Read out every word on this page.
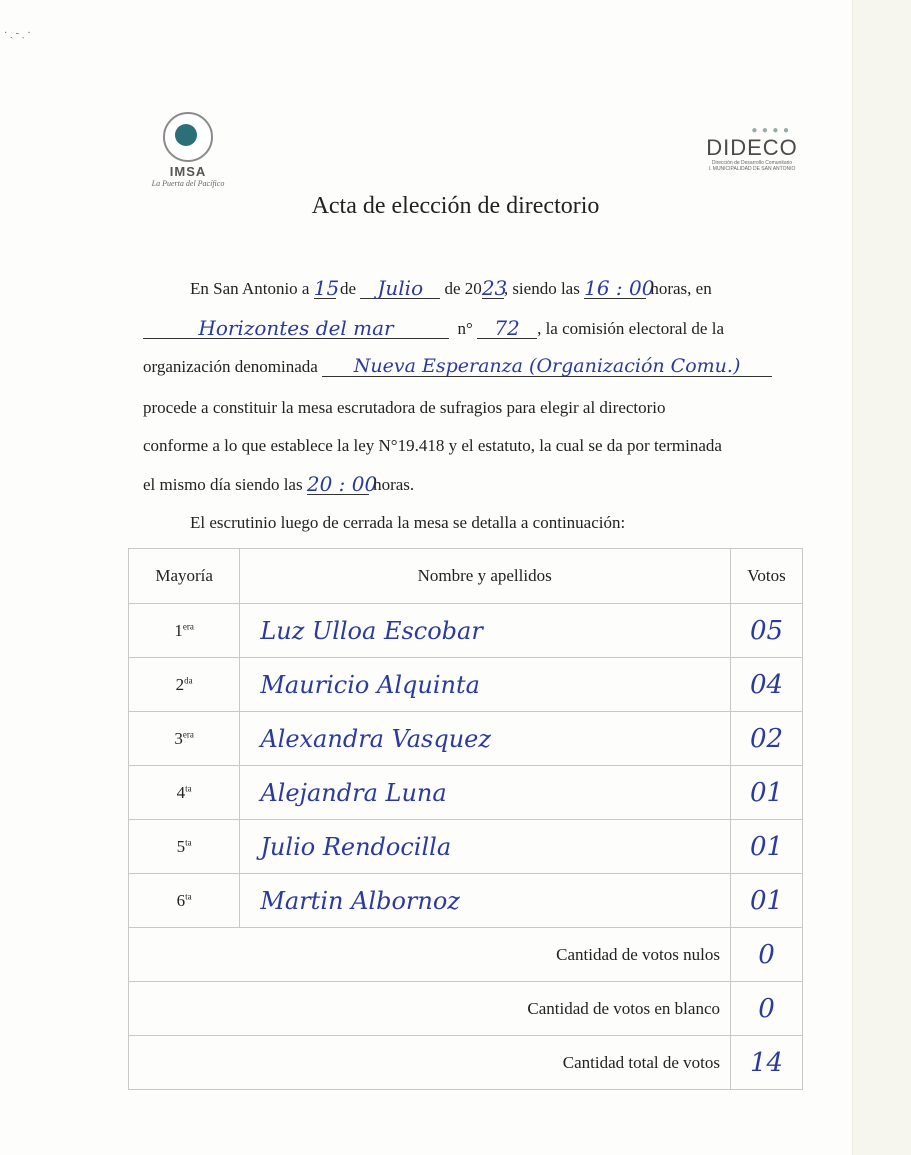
· ˏ ‐ ˎ ·
IMSA
La Puerta del Pacífico
● ● ● ●
DIDECO
Dirección de Desarrollo Comunitario
I. MUNICIPALIDAD DE SAN ANTONIO
Acta de elección de directorio
En San Antonio a 15 de Julio de 2023, siendo las 16 : 00 horas, en
Horizontes del mar	n° 72 , la comisión electoral de la
organización denominada Nueva Esperanza (Organización Comu.)
procede a constituir la mesa escrutadora de sufragios para elegir al directorio
conforme a lo que establece la ley N°19.418 y el estatuto, la cual se da por terminada
el mismo día siendo las 20 : 00 horas.
El escrutinio luego de cerrada la mesa se detalla a continuación:
Mayoría	Nombre y apellidos	Votos
$1^{era}$	Luz Ulloa Escobar	05
$2^{da}$	Mauricio Alquinta	04
$3^{era}$	Alexandra Vasquez	02
$4^{ta}$	Alejandra Luna	01
$5^{ta}$	Julio Rendocilla	01
$6^{ta}$	Martin Albornoz	01
Cantidad de votos nulos		0
Cantidad de votos en blanco		0
Cantidad total de votos		14
